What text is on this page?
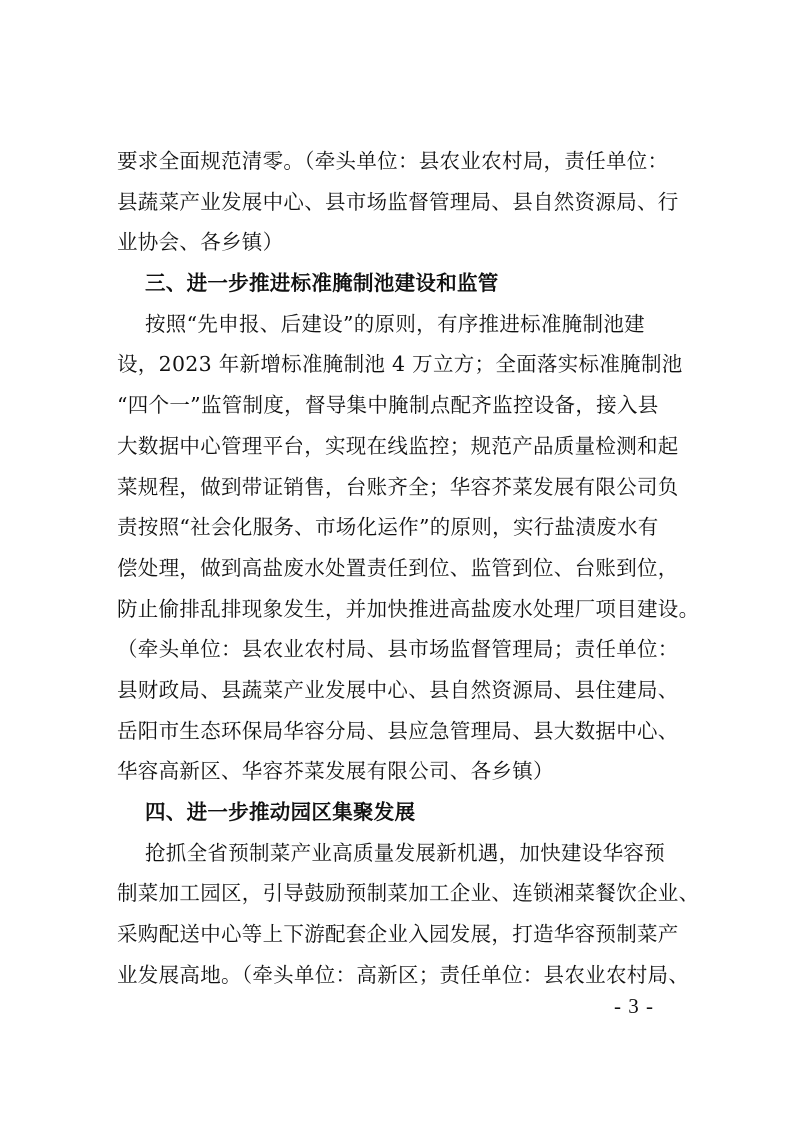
要求全面规范清零。（牵头单位：县农业农村局，责任单位：
县蔬菜产业发展中心、县市场监督管理局、县自然资源局、行
业协会、各乡镇）
三、进一步推进标准腌制池建设和监管
按照“先申报、后建设”的原则，有序推进标准腌制池建
设，2023 年新增标准腌制池 4 万立方；全面落实标准腌制池
“四个一”监管制度，督导集中腌制点配齐监控设备，接入县
大数据中心管理平台，实现在线监控；规范产品质量检测和起
菜规程，做到带证销售，台账齐全；华容芥菜发展有限公司负
责按照“社会化服务、市场化运作”的原则，实行盐渍废水有
偿处理，做到高盐废水处置责任到位、监管到位、台账到位，
防止偷排乱排现象发生，并加快推进高盐废水处理厂项目建设。
（牵头单位：县农业农村局、县市场监督管理局；责任单位：
县财政局、县蔬菜产业发展中心、县自然资源局、县住建局、
岳阳市生态环保局华容分局、县应急管理局、县大数据中心、
华容高新区、华容芥菜发展有限公司、各乡镇）
四、进一步推动园区集聚发展
抢抓全省预制菜产业高质量发展新机遇，加快建设华容预
制菜加工园区，引导鼓励预制菜加工企业、连锁湘菜餐饮企业、
采购配送中心等上下游配套企业入园发展，打造华容预制菜产
业发展高地。（牵头单位：高新区；责任单位：县农业农村局、
- 3 -
